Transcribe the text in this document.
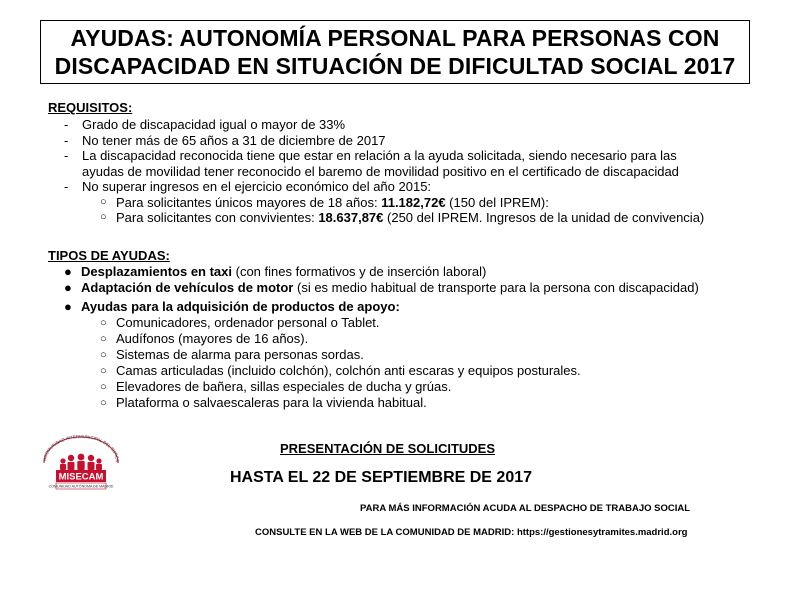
AYUDAS: AUTONOMÍA PERSONAL PARA PERSONAS CON
DISCAPACIDAD EN SITUACIÓN DE DIFICULTAD SOCIAL 2017
REQUISITOS:
-	Grado de discapacidad igual o mayor de 33%
-	No tener más de 65 años a 31 de diciembre de 2017
-	La discapacidad reconocida tiene que estar en relación a la ayuda solicitada, siendo necesario para las
ayudas de movilidad tener reconocido el baremo de movilidad positivo en el certificado de discapacidad
-	No superar ingresos en el ejercicio económico del año 2015:
○ Para solicitantes únicos mayores de 18 años: 11.182,72€ (150 del IPREM):
○ Para solicitantes con convivientes: 18.637,87€ (250 del IPREM. Ingresos de la unidad de convivencia)
TIPOS DE AYUDAS:
● Desplazamientos en taxi (con fines formativos y de inserción laboral)
● Adaptación de vehículos de motor (si es medio habitual de transporte para la persona con discapacidad)
● Ayudas para la adquisición de productos de apoyo:
○ Comunicadores, ordenador personal o Tablet.
○ Audífonos (mayores de 16 años).
○ Sistemas de alarma para personas sordas.
○ Camas articuladas (incluido colchón), colchón anti escaras y equipos posturales.
○ Elevadores de bañera, sillas especiales de ducha y grúas.
○ Plataforma o salvaescaleras para la vivienda habitual.
NCOMUNIDAD INTERMUNICIPAL DEL SURES
MISECAM
COMUNIDAD AUTÓNOMA DE MADRID
PRESENTACIÓN DE SOLICITUDES
HASTA EL 22 DE SEPTIEMBRE DE 2017
PARA MÁS INFORMACIÓN ACUDA AL DESPACHO DE TRABAJO SOCIAL
CONSULTE EN LA WEB DE LA COMUNIDAD DE MADRID: https://gestionesytramites.madrid.org
